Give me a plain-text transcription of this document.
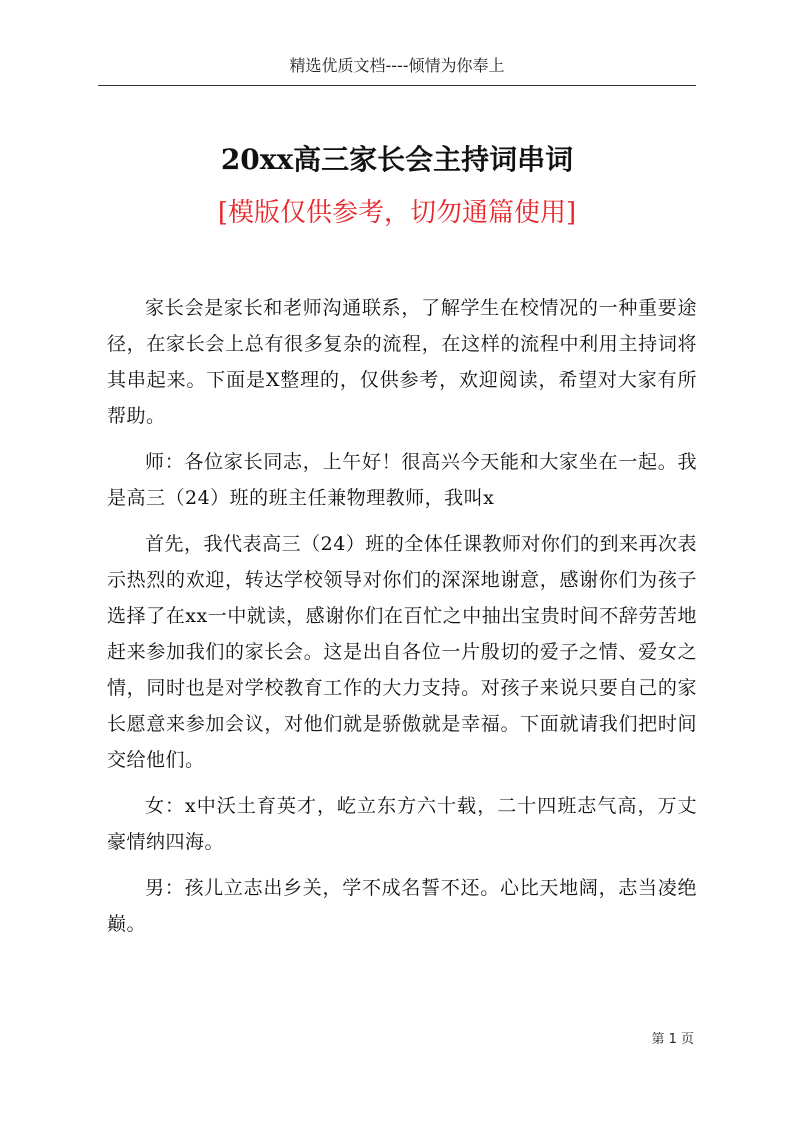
精选优质文档----倾情为你奉上
20xx高三家长会主持词串词
[模版仅供参考，切勿通篇使用]

家长会是家长和老师沟通联系，了解学生在校情况的一种重要途径，在家长会上总有很多复杂的流程，在这样的流程中利用主持词将其串起来。下面是X整理的，仅供参考，欢迎阅读，希望对大家有所帮助。

师：各位家长同志，上午好！很高兴今天能和大家坐在一起。我是高三（24）班的班主任兼物理教师，我叫x

首先，我代表高三（24）班的全体任课教师对你们的到来再次表示热烈的欢迎，转达学校领导对你们的深深地谢意，感谢你们为孩子选择了在xx一中就读，感谢你们在百忙之中抽出宝贵时间不辞劳苦地赶来参加我们的家长会。这是出自各位一片殷切的爱子之情、爱女之情，同时也是对学校教育工作的大力支持。对孩子来说只要自己的家长愿意来参加会议，对他们就是骄傲就是幸福。下面就请我们把时间交给他们。

女：x中沃土育英才，屹立东方六十载，二十四班志气高，万丈豪情纳四海。

男：孩儿立志出乡关，学不成名誓不还。心比天地阔，志当凌绝巅。

第 1 页
